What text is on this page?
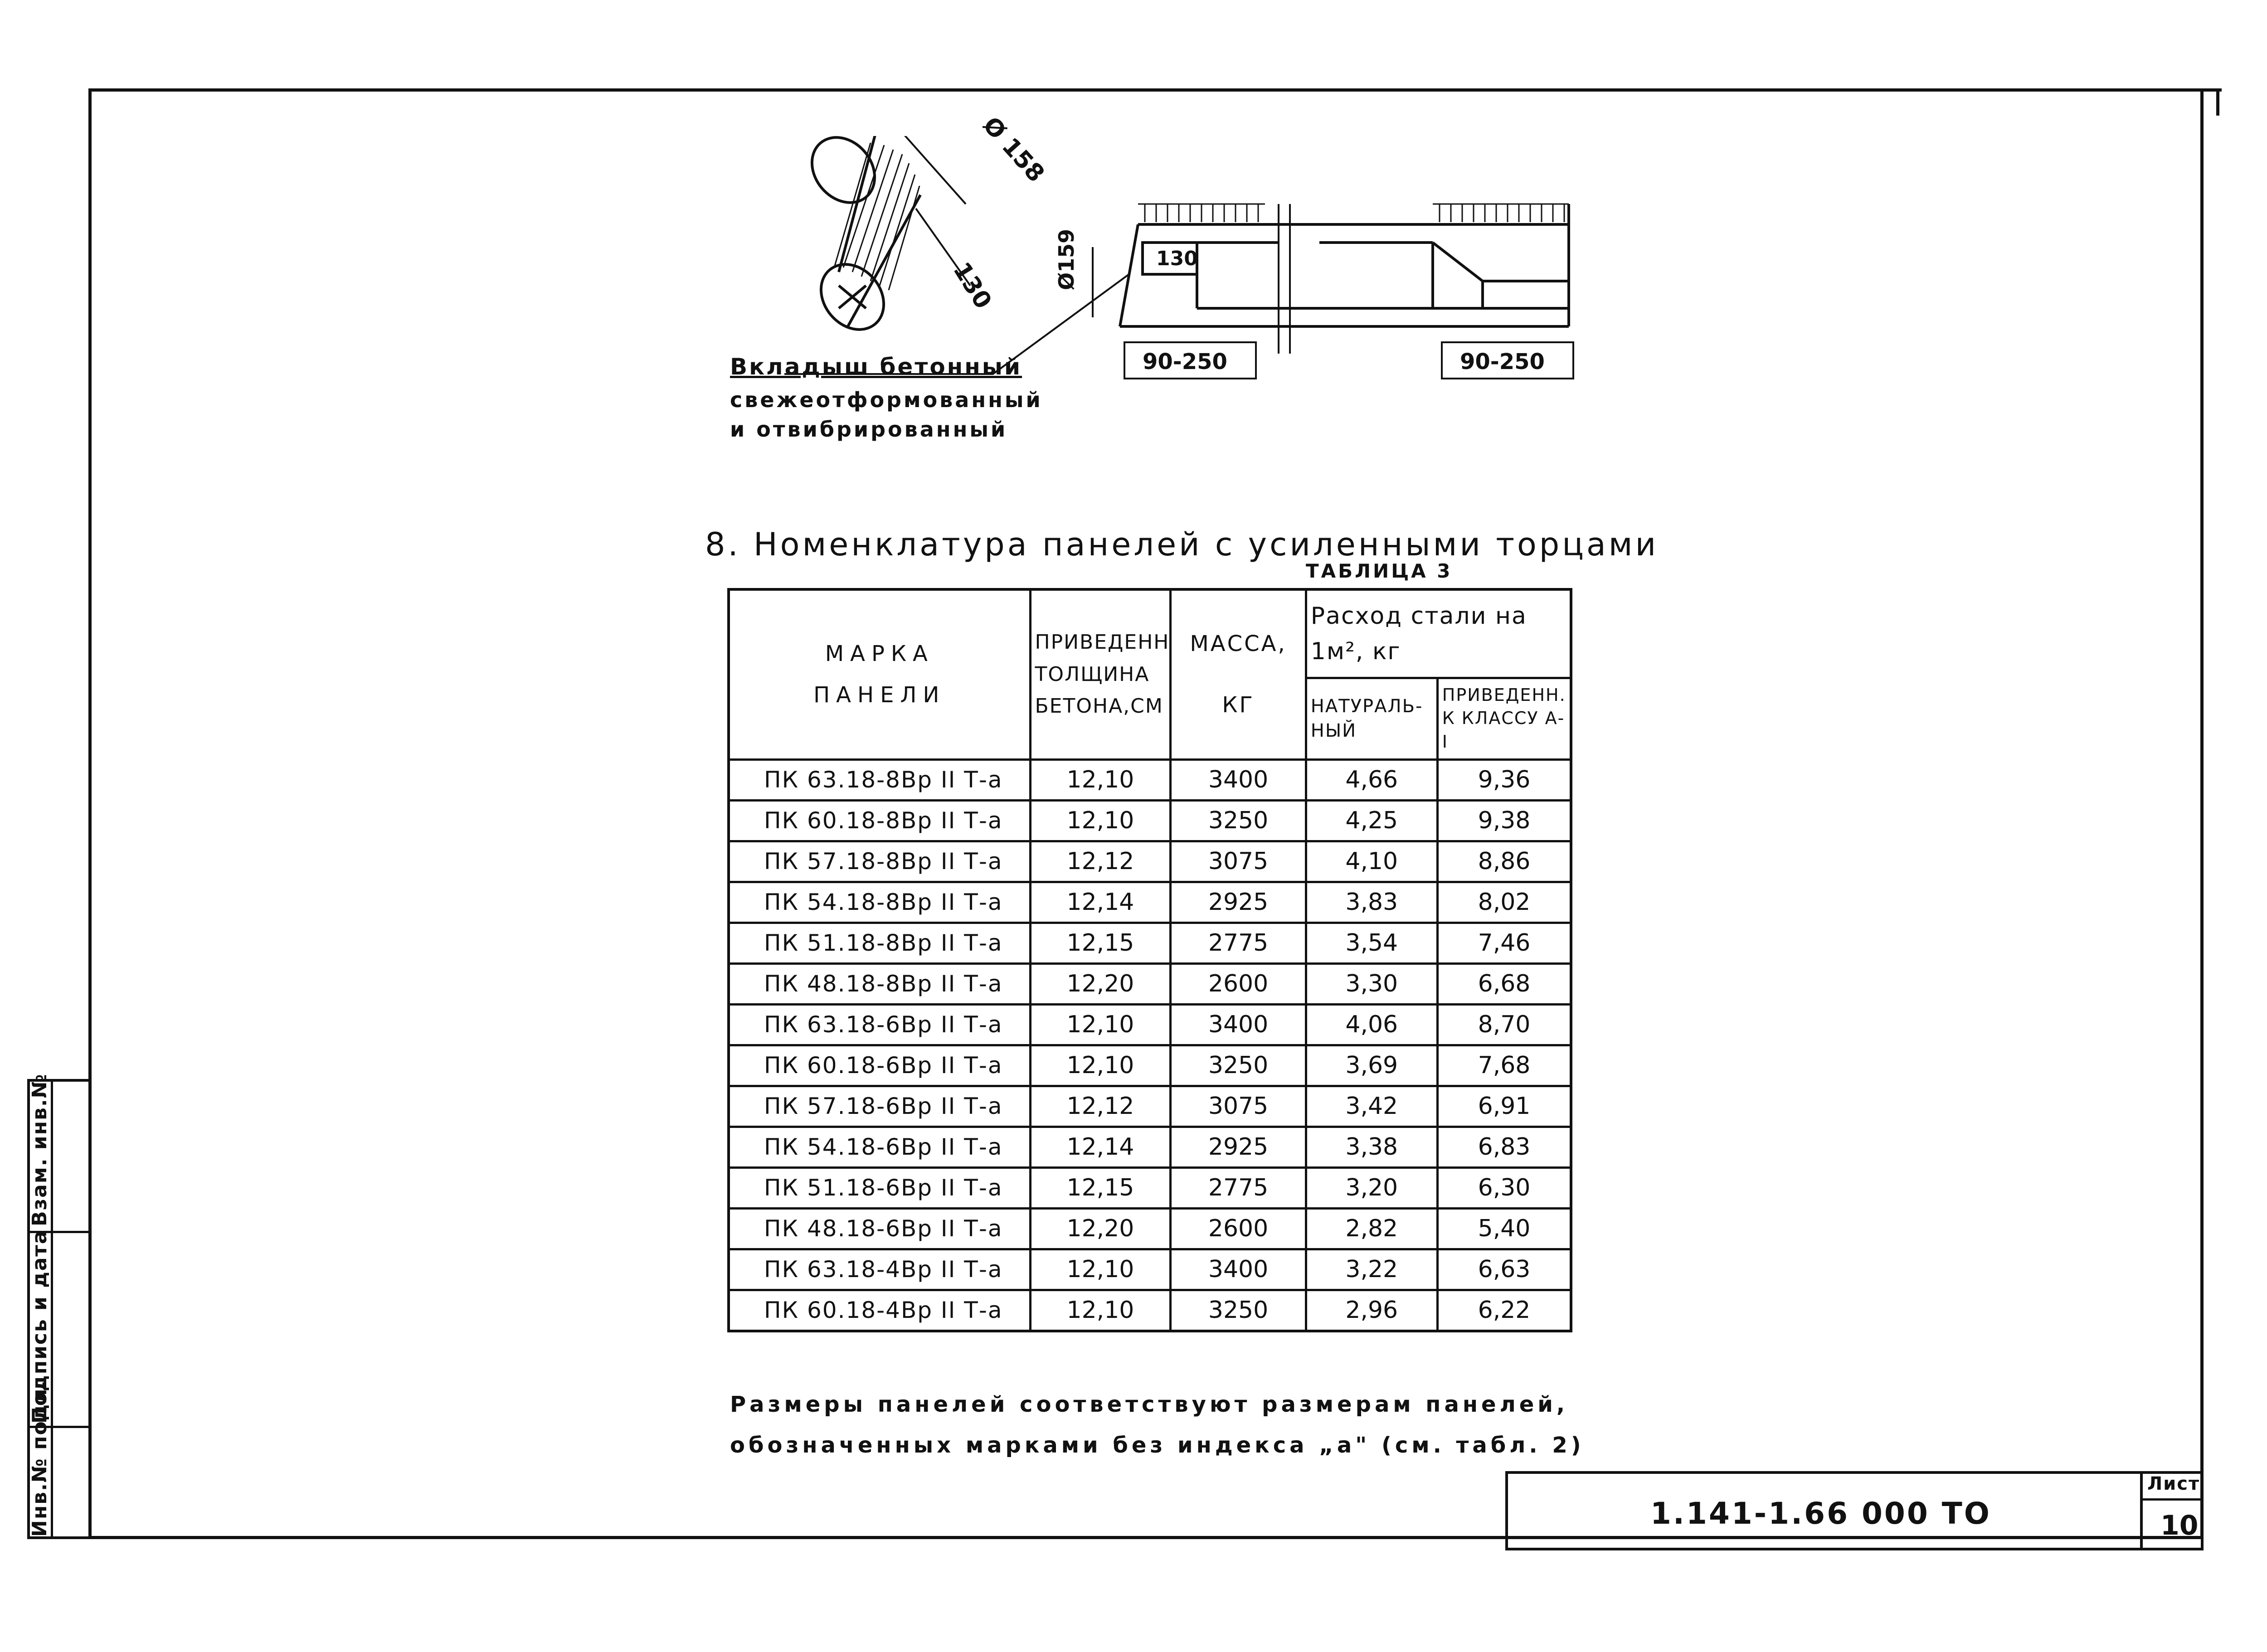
Инв.№ подл.
Подпись и дата
Взам. инв.№
Ø 158
130
Вкладыш бетонный
свежеотформованный
и отвибрированный
Ø159	130
90-250	90-250
8. Номенклатура панелей с усиленными торцами
ТАБЛИЦА 3
МАРКА ПАНЕЛИ	ПРИВЕДЕНН ТОЛЩИНА БЕТОНА,СМ	МАССА, КГ	Расход стали на 1м², кг	
			НАТУРАЛЬ- НЫЙ	ПРИВЕДЕНН. К КЛАССУ А-I
ПК 63.18-8Вр II Т-а	12,10	3400	4,66	9,36
ПК 60.18-8Вр II Т-а	12,10	3250	4,25	9,38
ПК 57.18-8Вр II Т-а	12,12	3075	4,10	8,86
ПК 54.18-8Вр II Т-а	12,14	2925	3,83	8,02
ПК 51.18-8Вр II Т-а	12,15	2775	3,54	7,46
ПК 48.18-8Вр II Т-а	12,20	2600	3,30	6,68
ПК 63.18-6Вр II Т-а	12,10	3400	4,06	8,70
ПК 60.18-6Вр II Т-а	12,10	3250	3,69	7,68
ПК 57.18-6Вр II Т-а	12,12	3075	3,42	6,91
ПК 54.18-6Вр II Т-а	12,14	2925	3,38	6,83
ПК 51.18-6Вр II Т-а	12,15	2775	3,20	6,30
ПК 48.18-6Вр II Т-а	12,20	2600	2,82	5,40
ПК 63.18-4Вр II Т-а	12,10	3400	3,22	6,63
ПК 60.18-4Вр II Т-а	12,10	3250	2,96	6,22
Размеры панелей соответствуют размерам панелей,
обозначенных марками без индекса „а" (см. табл. 2)
1.141-1.66 000 ТО
Лист
10
